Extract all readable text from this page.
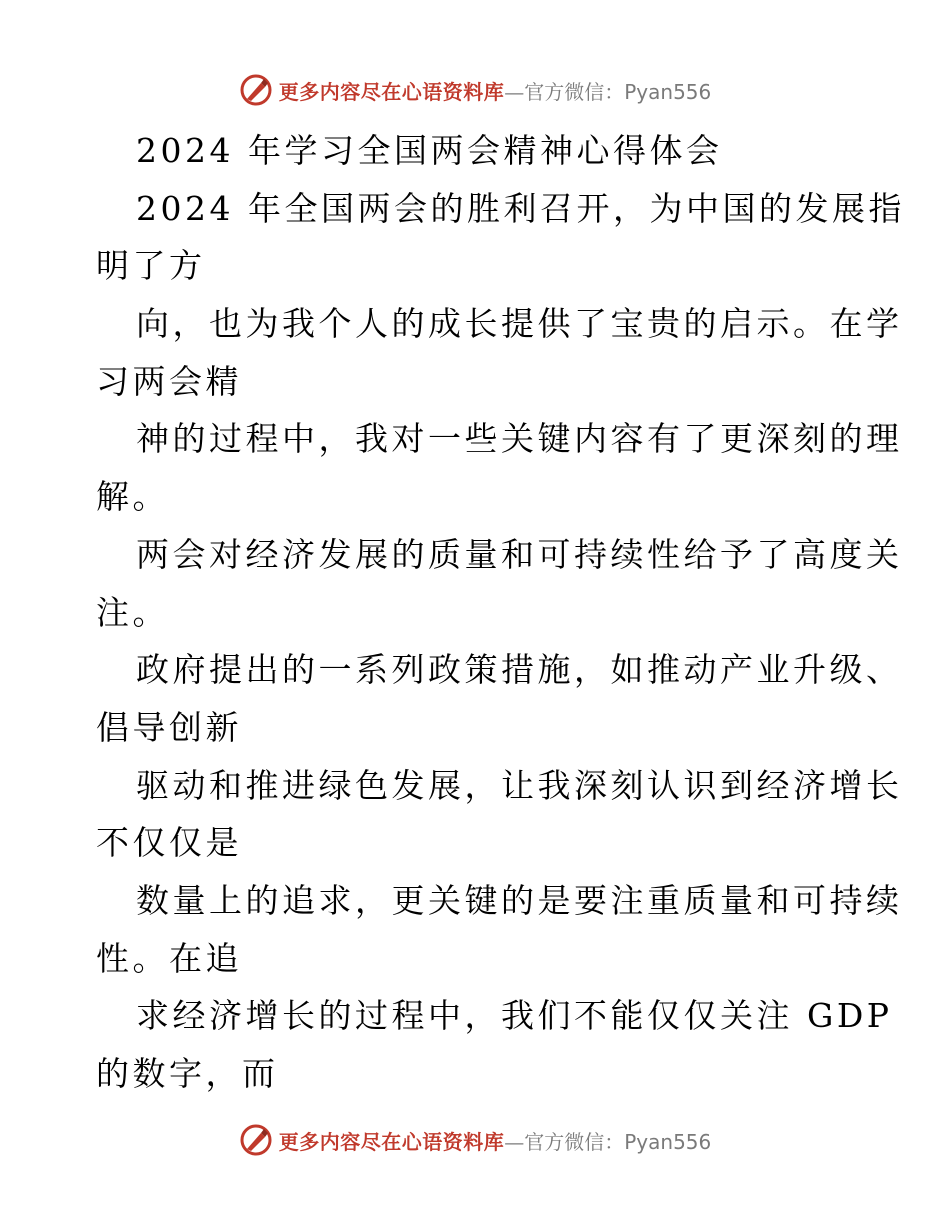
更多内容尽在心语资料库 —官方微信：Pyan556
2024 年学习全国两会精神心得体会
2024 年全国两会的胜利召开，为中国的发展指
明了方
向，也为我个人的成长提供了宝贵的启示。在学
习两会精
神的过程中，我对一些关键内容有了更深刻的理
解。
两会对经济发展的质量和可持续性给予了高度关
注。
政府提出的一系列政策措施，如推动产业升级、
倡导创新
驱动和推进绿色发展，让我深刻认识到经济增长
不仅仅是
数量上的追求，更关键的是要注重质量和可持续
性。在追
求经济增长的过程中，我们不能仅仅关注 GDP
的数字，而
更多内容尽在心语资料库 —官方微信：Pyan556
